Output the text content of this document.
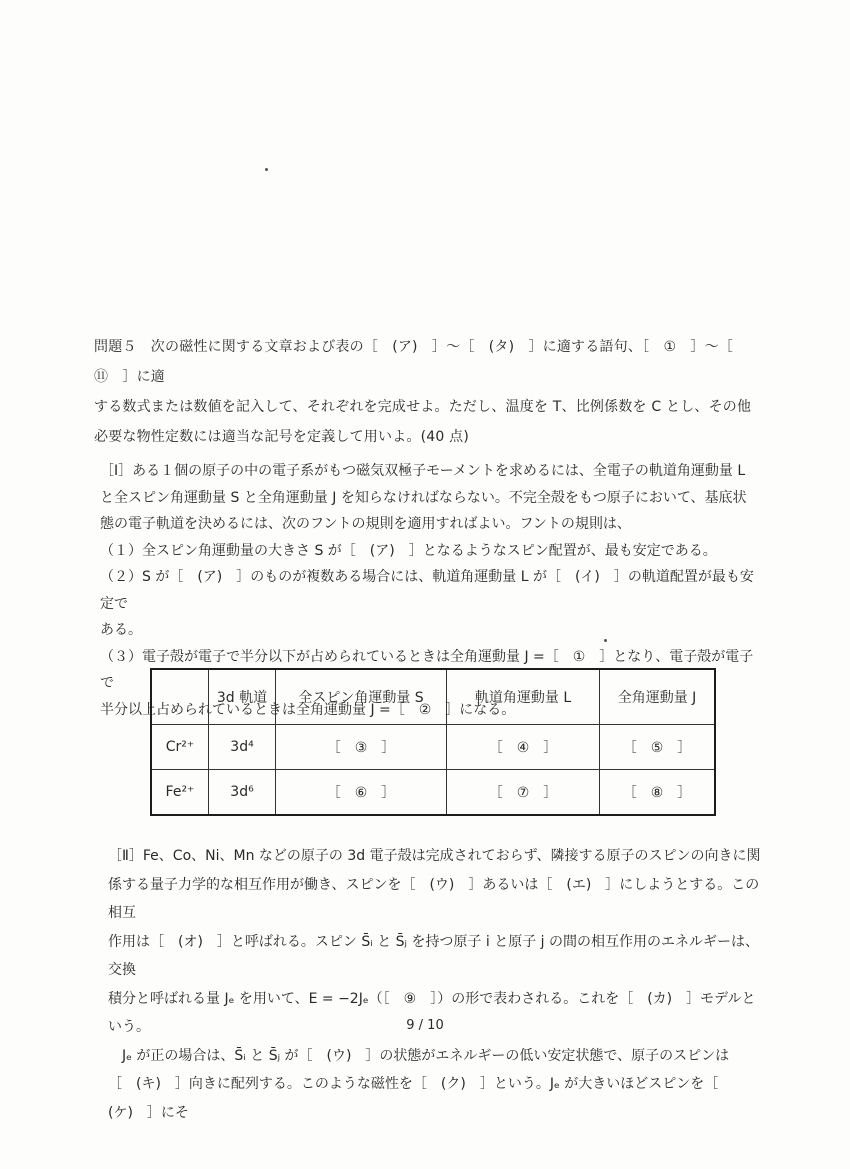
問題５　次の磁性に関する文章および表の［　(ア)　］〜［　(タ)　］に適する語句、［　①　］〜［　⑪　］に適
する数式または数値を記入して、それぞれを完成せよ。ただし、温度を T、比例係数を C とし、その他
必要な物性定数には適当な記号を定義して用いよ。(40 点)
［Ⅰ］ある１個の原子の中の電子系がもつ磁気双極子モーメントを求めるには、全電子の軌道角運動量 L
と全スピン角運動量 S と全角運動量 J を知らなければならない。不完全殻をもつ原子において、基底状
態の電子軌道を決めるには、次のフントの規則を適用すればよい。フントの規則は、
（１）全スピン角運動量の大きさ S が［　(ア)　］となるようなスピン配置が、最も安定である。
（２）S が［　(ア)　］のものが複数ある場合には、軌道角運動量 L が［　(イ)　］の軌道配置が最も安定で
ある。
（３）電子殻が電子で半分以下が占められているときは全角運動量 J =［　①　］となり、電子殻が電子で
半分以上占められているときは全角運動量 J =［　②　］になる。
	3d 軌道	全スピン角運動量 S	軌道角運動量 L	全角運動量 J
Cr²⁺	3d⁴	［　③　］	［　④　］	［　⑤　］
Fe²⁺	3d⁶	［　⑥　］	［　⑦　］	［　⑧　］
［Ⅱ］Fe、Co、Ni、Mn などの原子の 3d 電子殻は完成されておらず、隣接する原子のスピンの向きに関
係する量子力学的な相互作用が働き、スピンを［　(ウ)　］あるいは［　(エ)　］にしようとする。この相互
作用は［　(オ)　］と呼ばれる。スピン S̄ᵢ と S̄ⱼ を持つ原子 i と原子 j の間の相互作用のエネルギーは、交換
積分と呼ばれる量 Jₑ を用いて、E = −2Jₑ（［　⑨　］）の形で表わされる。これを［　(カ)　］モデルという。
Jₑ が正の場合は、S̄ᵢ と S̄ⱼ が［　(ウ)　］の状態がエネルギーの低い安定状態で、原子のスピンは
［　(キ)　］向きに配列する。このような磁性を［　(ク)　］という。Jₑ が大きいほどスピンを［　(ケ)　］にそ
9 / 10
